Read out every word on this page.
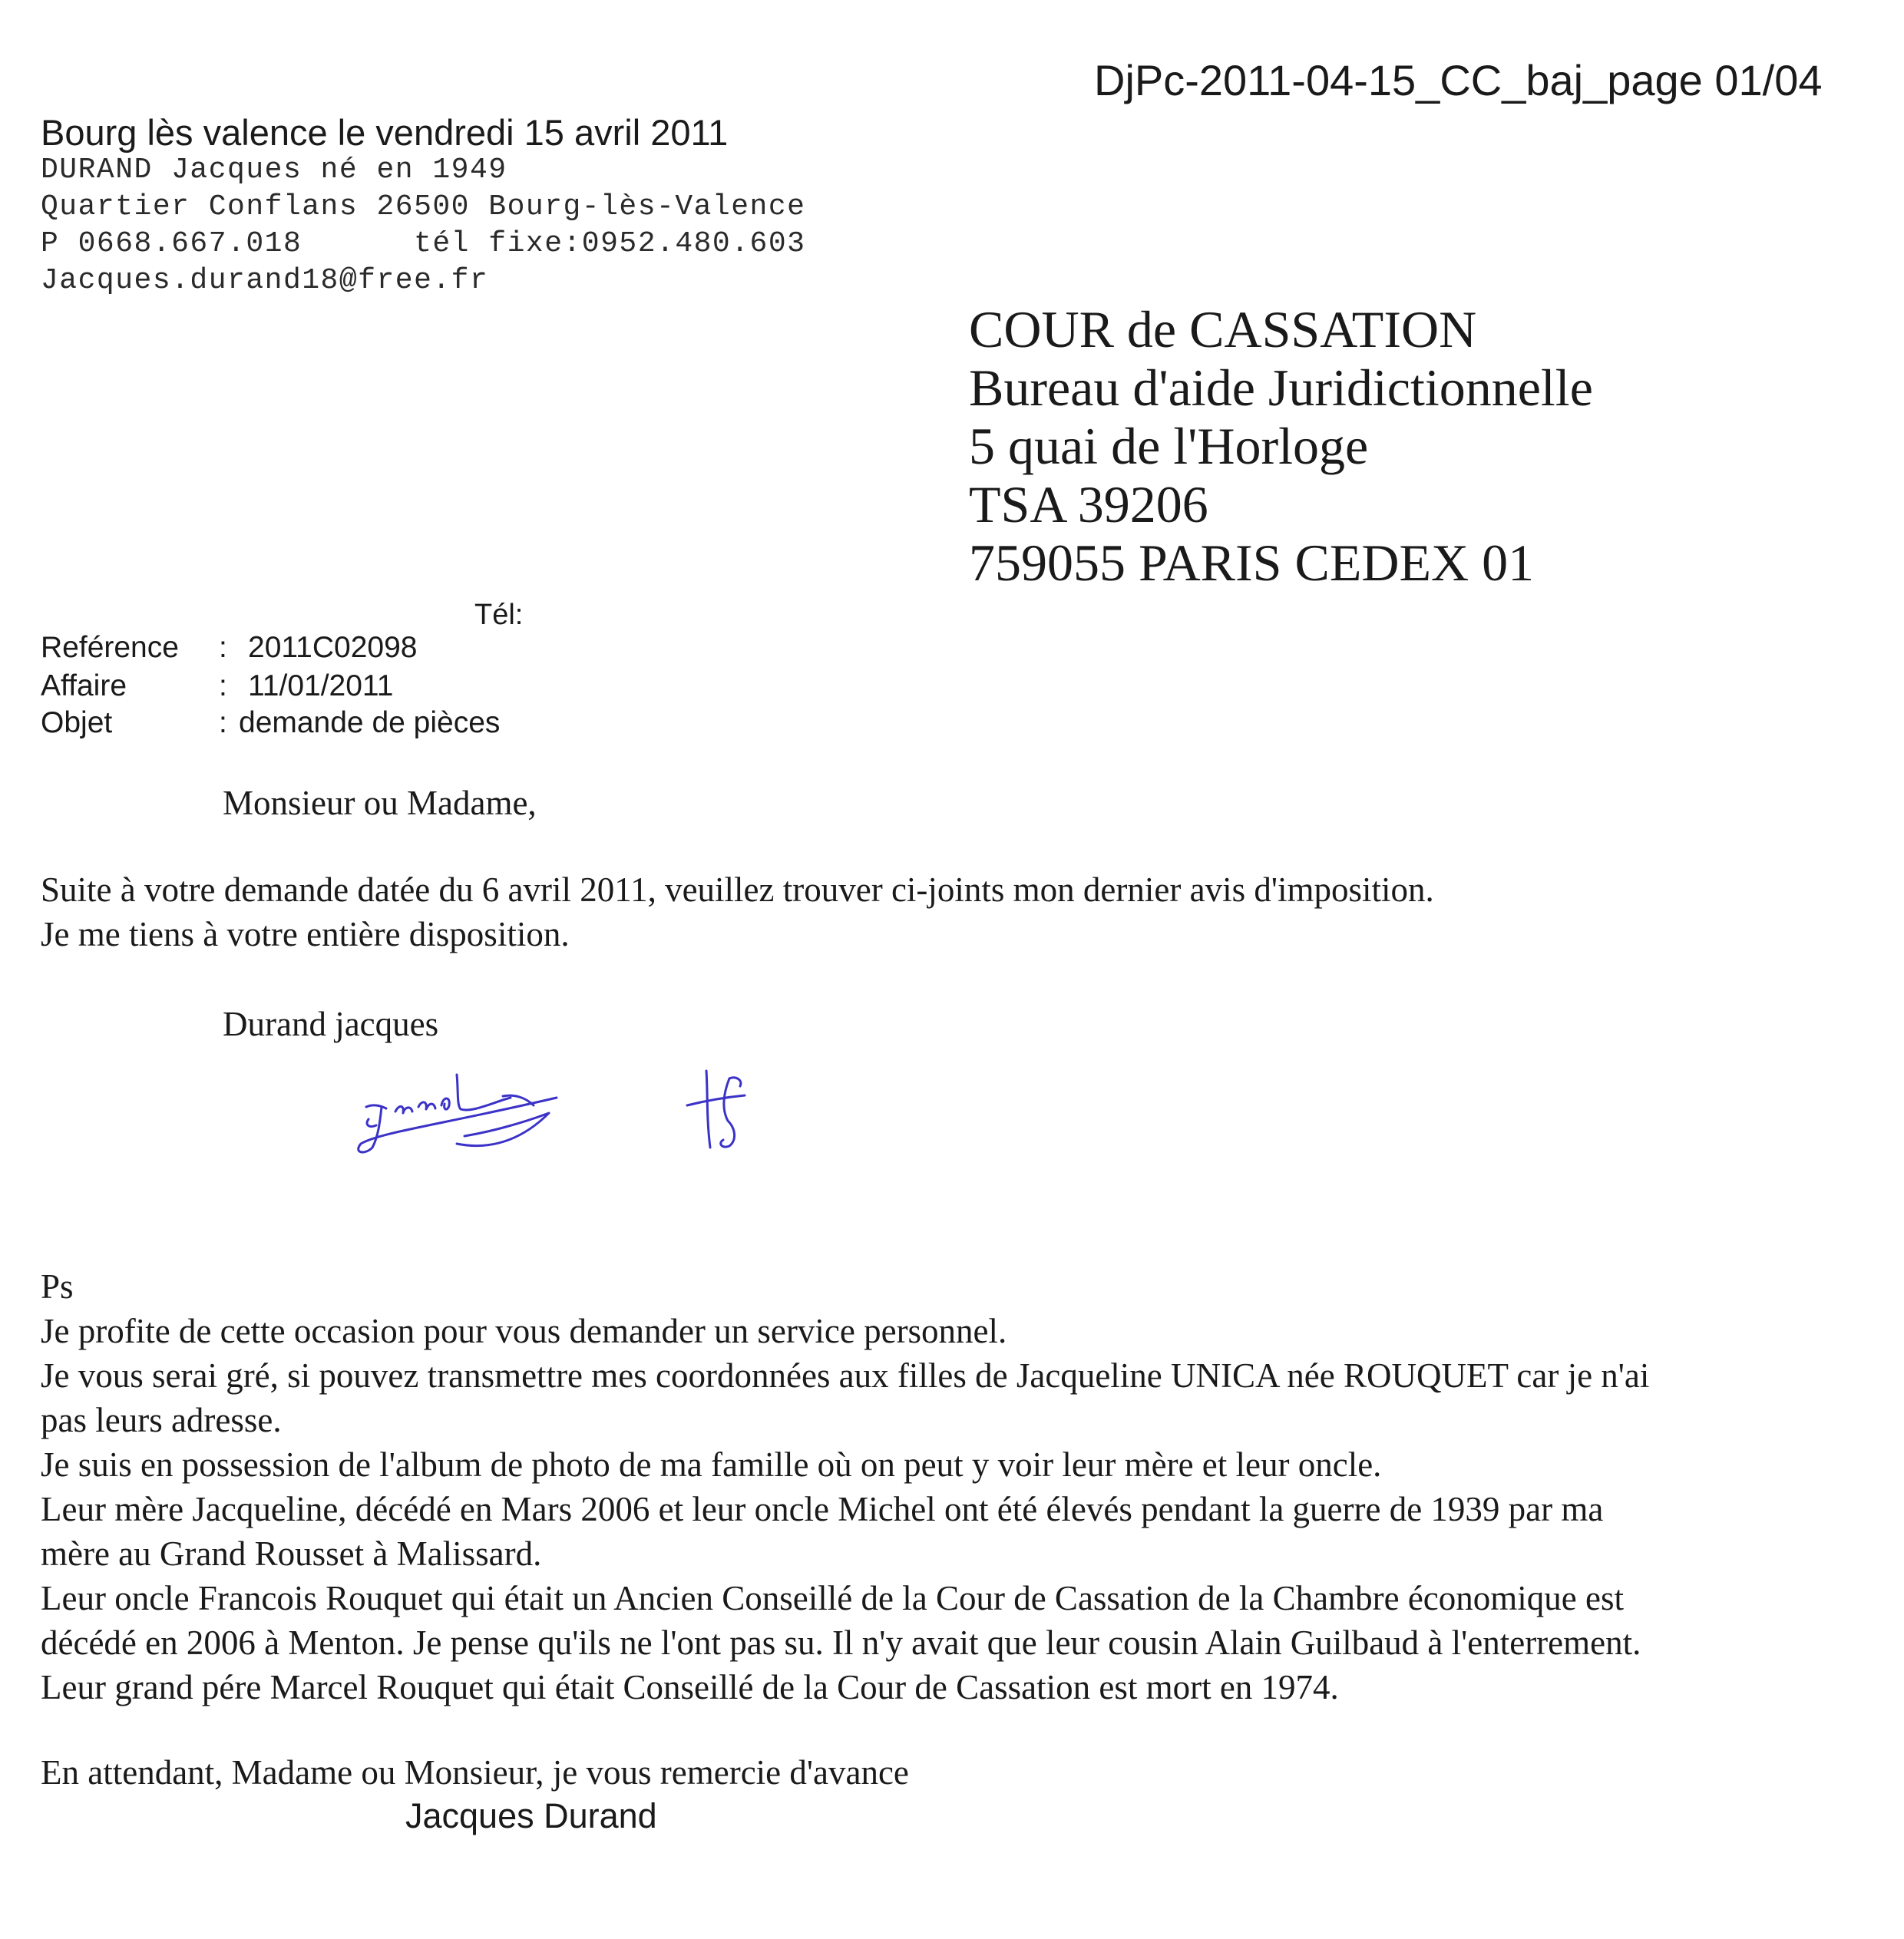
DjPc-2011-04-15_CC_baj_page 01/04
Bourg lès valence le vendredi 15 avril 2011
DURAND Jacques né en 1949
Quartier Conflans 26500 Bourg-lès-Valence
P 0668.667.018      tél fixe:0952.480.603
Jacques.durand18@free.fr
COUR de CASSATION
Bureau d'aide Juridictionnelle
5 quai de l'Horloge
TSA 39206
759055 PARIS CEDEX 01
Tél:
Reférence : 2011C02098
Affaire	: 11/01/2011
Objet	: demande de pièces
Monsieur ou Madame,
Suite à votre demande datée du 6 avril 2011, veuillez trouver ci-joints mon dernier avis d'imposition.
Je me tiens à votre entière disposition.
Durand jacques
Ps
Je profite de cette occasion pour vous demander un service personnel.
Je vous serai gré, si pouvez transmettre mes coordonnées aux filles de Jacqueline UNICA née ROUQUET car je n'ai
pas leurs adresse.
Je suis en possession de l'album de photo de ma famille où on peut y voir leur mère et leur oncle.
Leur mère Jacqueline, décédé en Mars 2006 et leur oncle Michel ont été élevés pendant la guerre de 1939 par ma
mère au Grand Rousset à Malissard.
Leur oncle Francois Rouquet qui était un Ancien Conseillé de la Cour de Cassation de la Chambre économique est
décédé en 2006 à Menton. Je pense qu'ils ne l'ont pas su. Il n'y avait que leur cousin Alain Guilbaud à l'enterrement.
Leur grand pére Marcel Rouquet qui était Conseillé de la Cour de Cassation est mort en 1974.
En attendant, Madame ou Monsieur, je vous remercie d'avance
Jacques Durand
